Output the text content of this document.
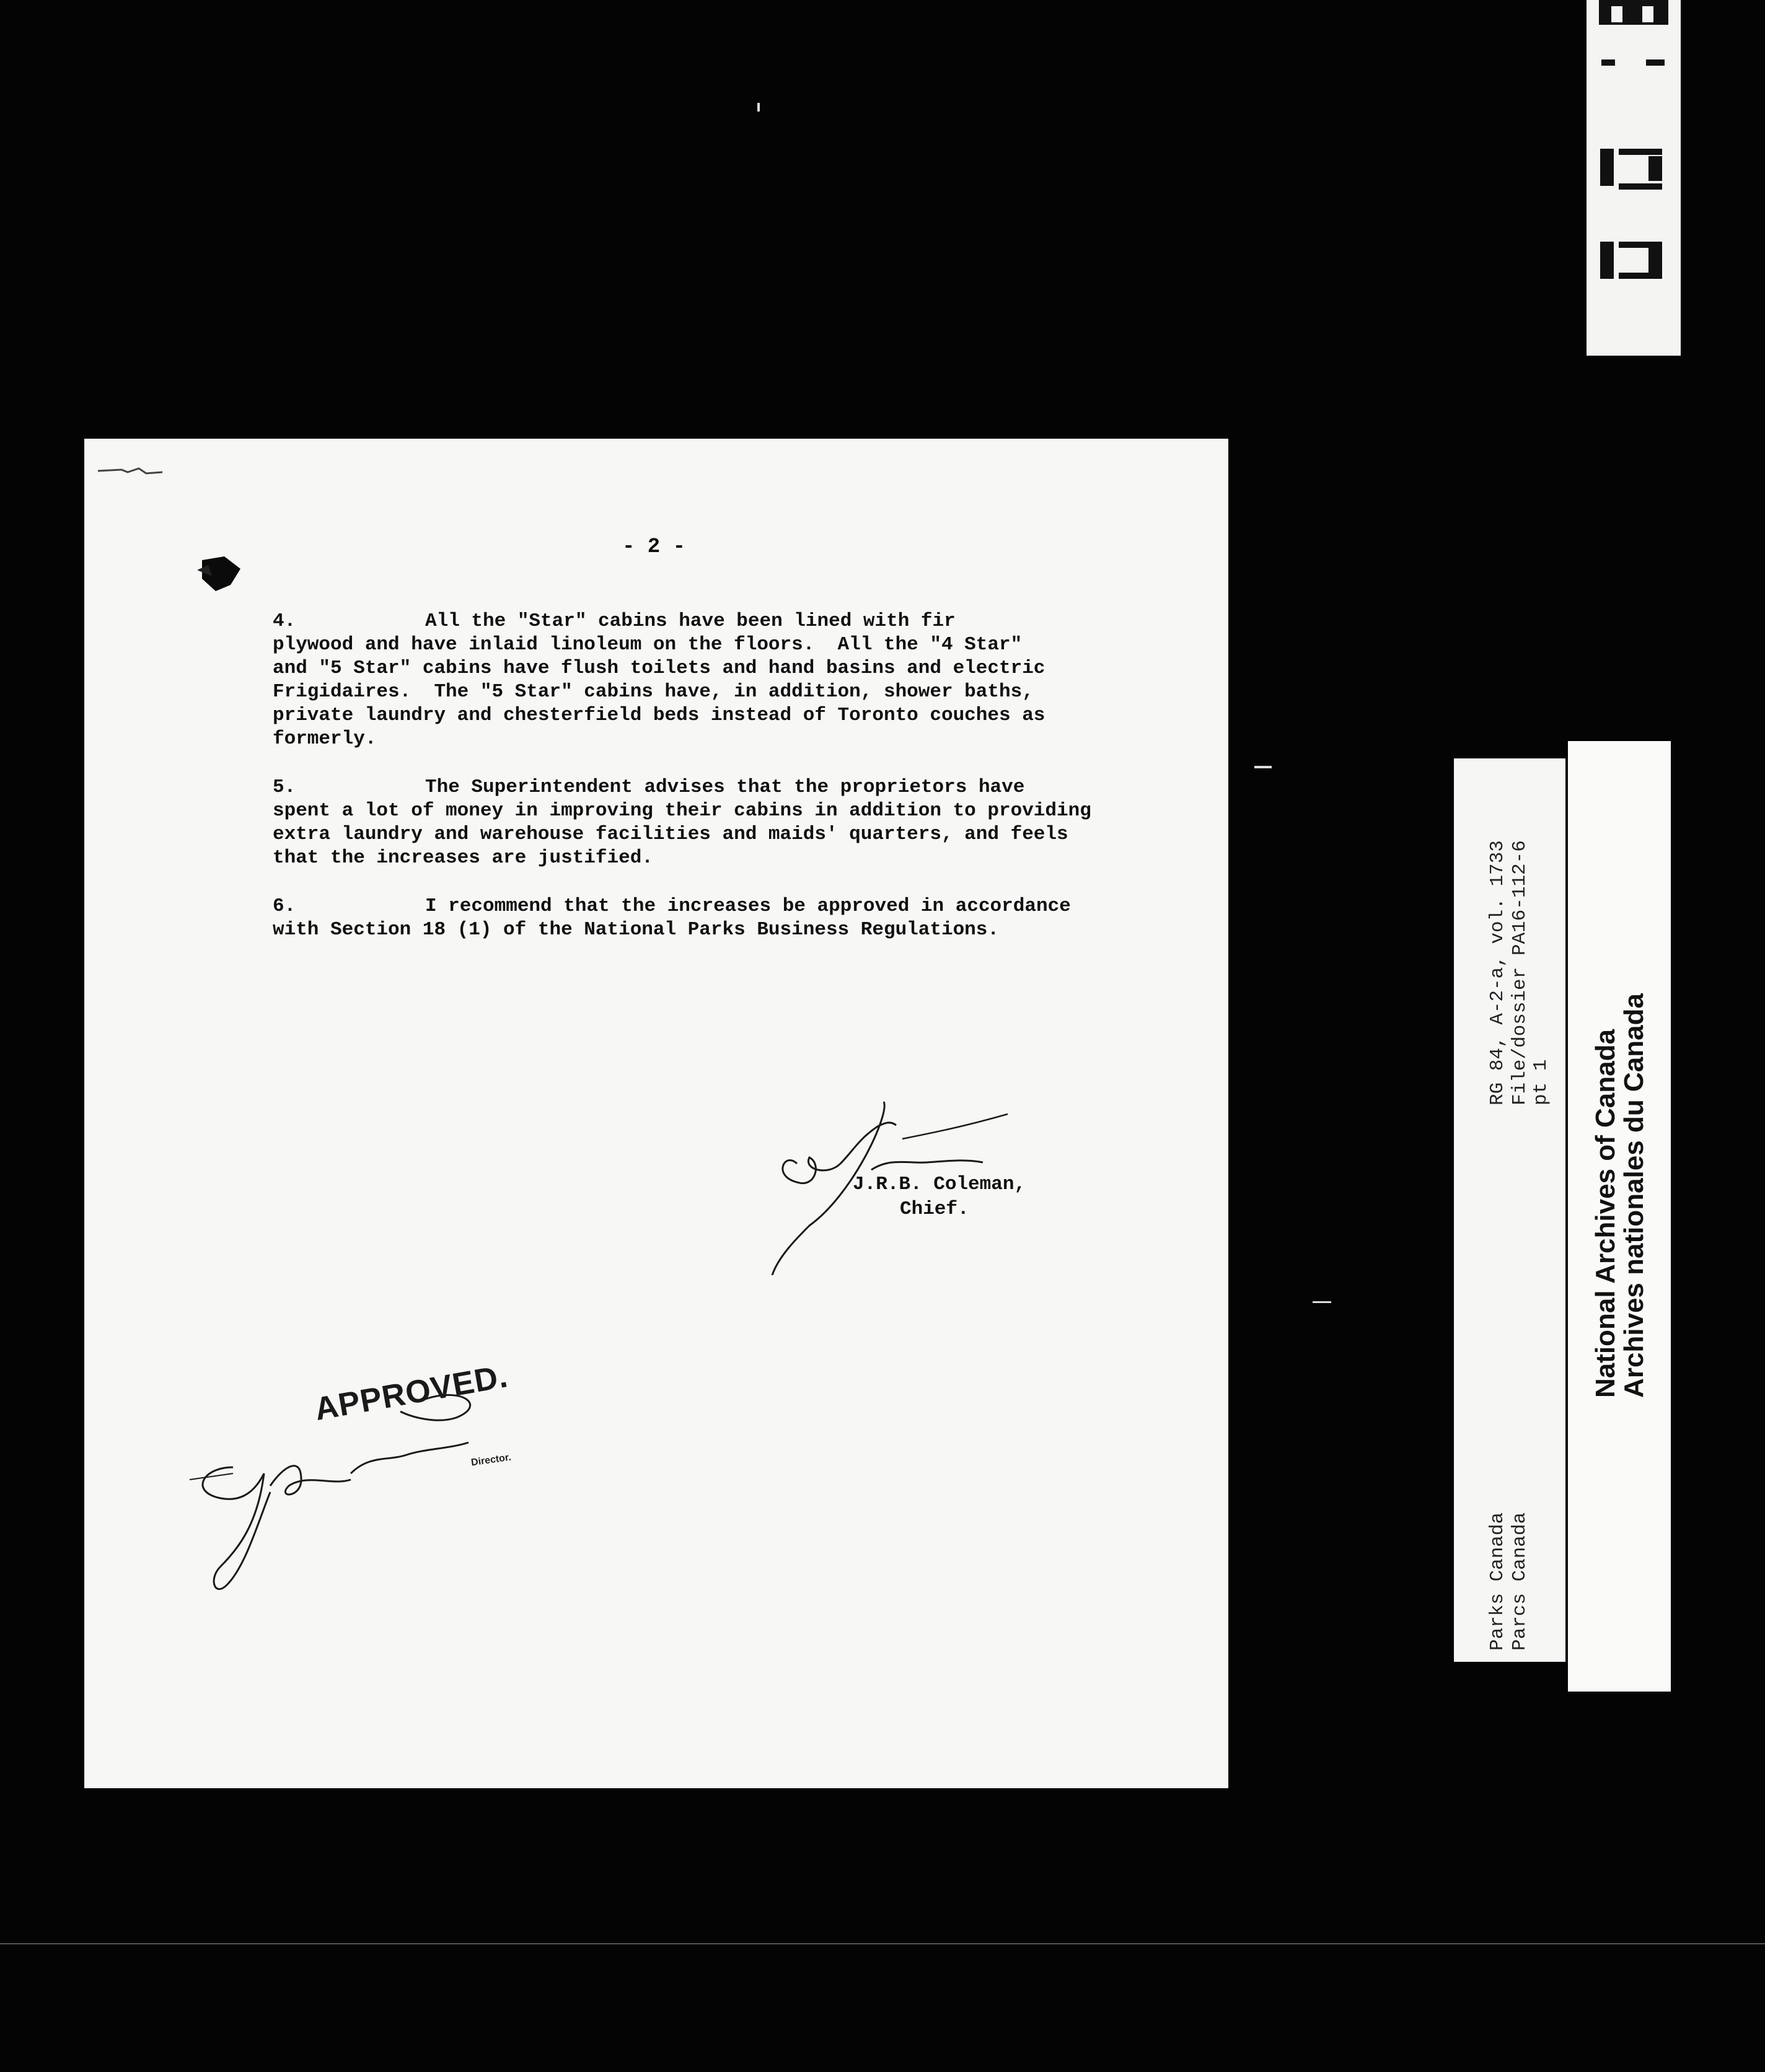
- 2 -
4.	All the "Star" cabins have been lined with fir
plywood and have inlaid linoleum on the floors.  All the "4 Star"
and "5 Star" cabins have flush toilets and hand basins and electric
Frigidaires.  The "5 Star" cabins have, in addition, shower baths,
private laundry and chesterfield beds instead of Toronto couches as
formerly.
5.	The Superintendent advises that the proprietors have
spent a lot of money in improving their cabins in addition to providing
extra laundry and warehouse facilities and maids' quarters, and feels
that the increases are justified.
6.	I recommend that the increases be approved in accordance
with Section 18 (1) of the National Parks Business Regulations.
J.R.B. Coleman,
Chief.
APPROVED.
Director.
RG 84, A-2-a, vol. 1733 File/dossier PA16-112-6 pt 1
Parks Canada Parcs Canada
National Archives of Canada
Archives nationales du Canada
